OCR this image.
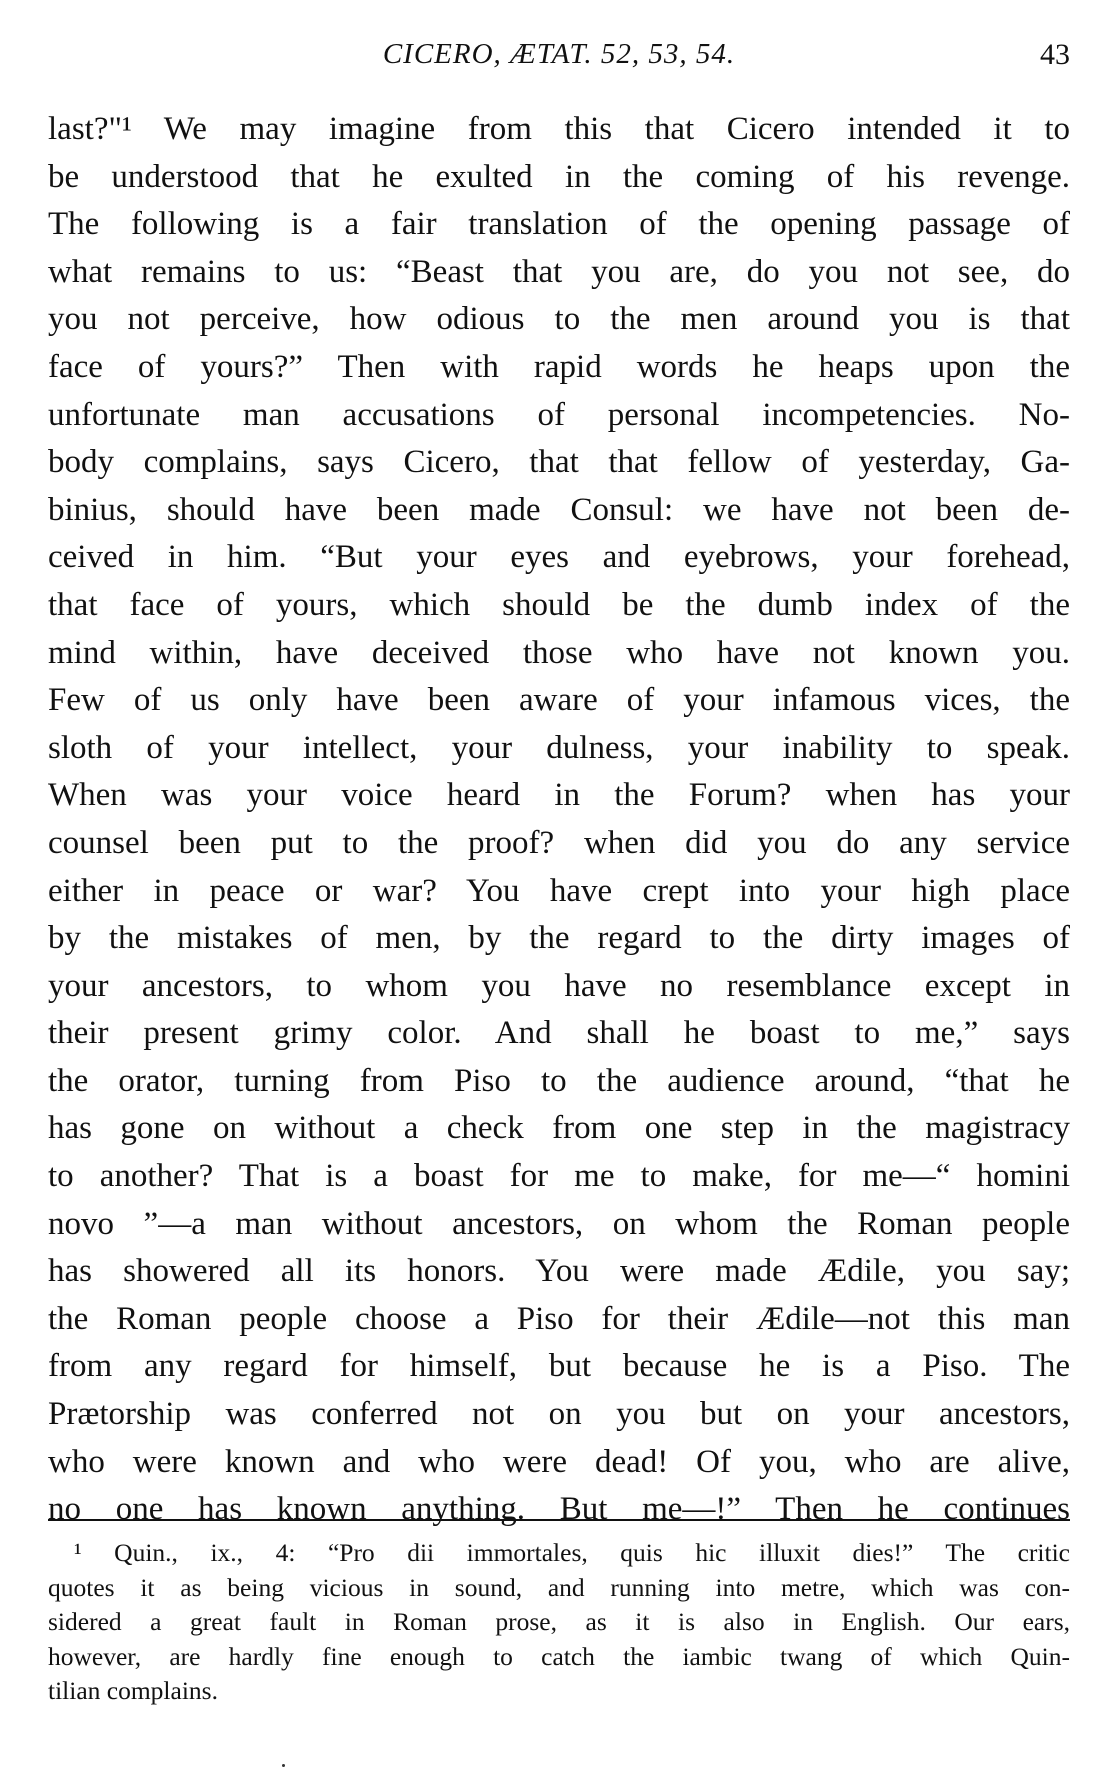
CICERO, ÆTAT. 52, 53, 54.	43
last?"¹ We may imagine from this that Cicero intended it to
be understood that he exulted in the coming of his revenge.
The following is a fair translation of the opening passage of
what remains to us: “Beast that you are, do you not see, do
you not perceive, how odious to the men around you is that
face of yours?” Then with rapid words he heaps upon the
unfortunate man accusations of personal incompetencies. No-
body complains, says Cicero, that that fellow of yesterday, Ga-
binius, should have been made Consul: we have not been de-
ceived in him. “But your eyes and eyebrows, your forehead,
that face of yours, which should be the dumb index of the
mind within, have deceived those who have not known you.
Few of us only have been aware of your infamous vices, the
sloth of your intellect, your dulness, your inability to speak.
When was your voice heard in the Forum? when has your
counsel been put to the proof? when did you do any service
either in peace or war? You have crept into your high place
by the mistakes of men, by the regard to the dirty images of
your ancestors, to whom you have no resemblance except in
their present grimy color. And shall he boast to me,” says
the orator, turning from Piso to the audience around, “that he
has gone on without a check from one step in the magistracy
to another? That is a boast for me to make, for me—“ homini
novo ”—a man without ancestors, on whom the Roman people
has showered all its honors. You were made Ædile, you say;
the Roman people choose a Piso for their Ædile—not this man
from any regard for himself, but because he is a Piso. The
Prætorship was conferred not on you but on your ancestors,
who were known and who were dead! Of you, who are alive,
no one has known anything. But me—!” Then he continues
¹ Quin., ix., 4: “Pro dii immortales, quis hic illuxit dies!” The critic
quotes it as being vicious in sound, and running into metre, which was con-
sidered a great fault in Roman prose, as it is also in English. Our ears,
however, are hardly fine enough to catch the iambic twang of which Quin-
tilian complains.
